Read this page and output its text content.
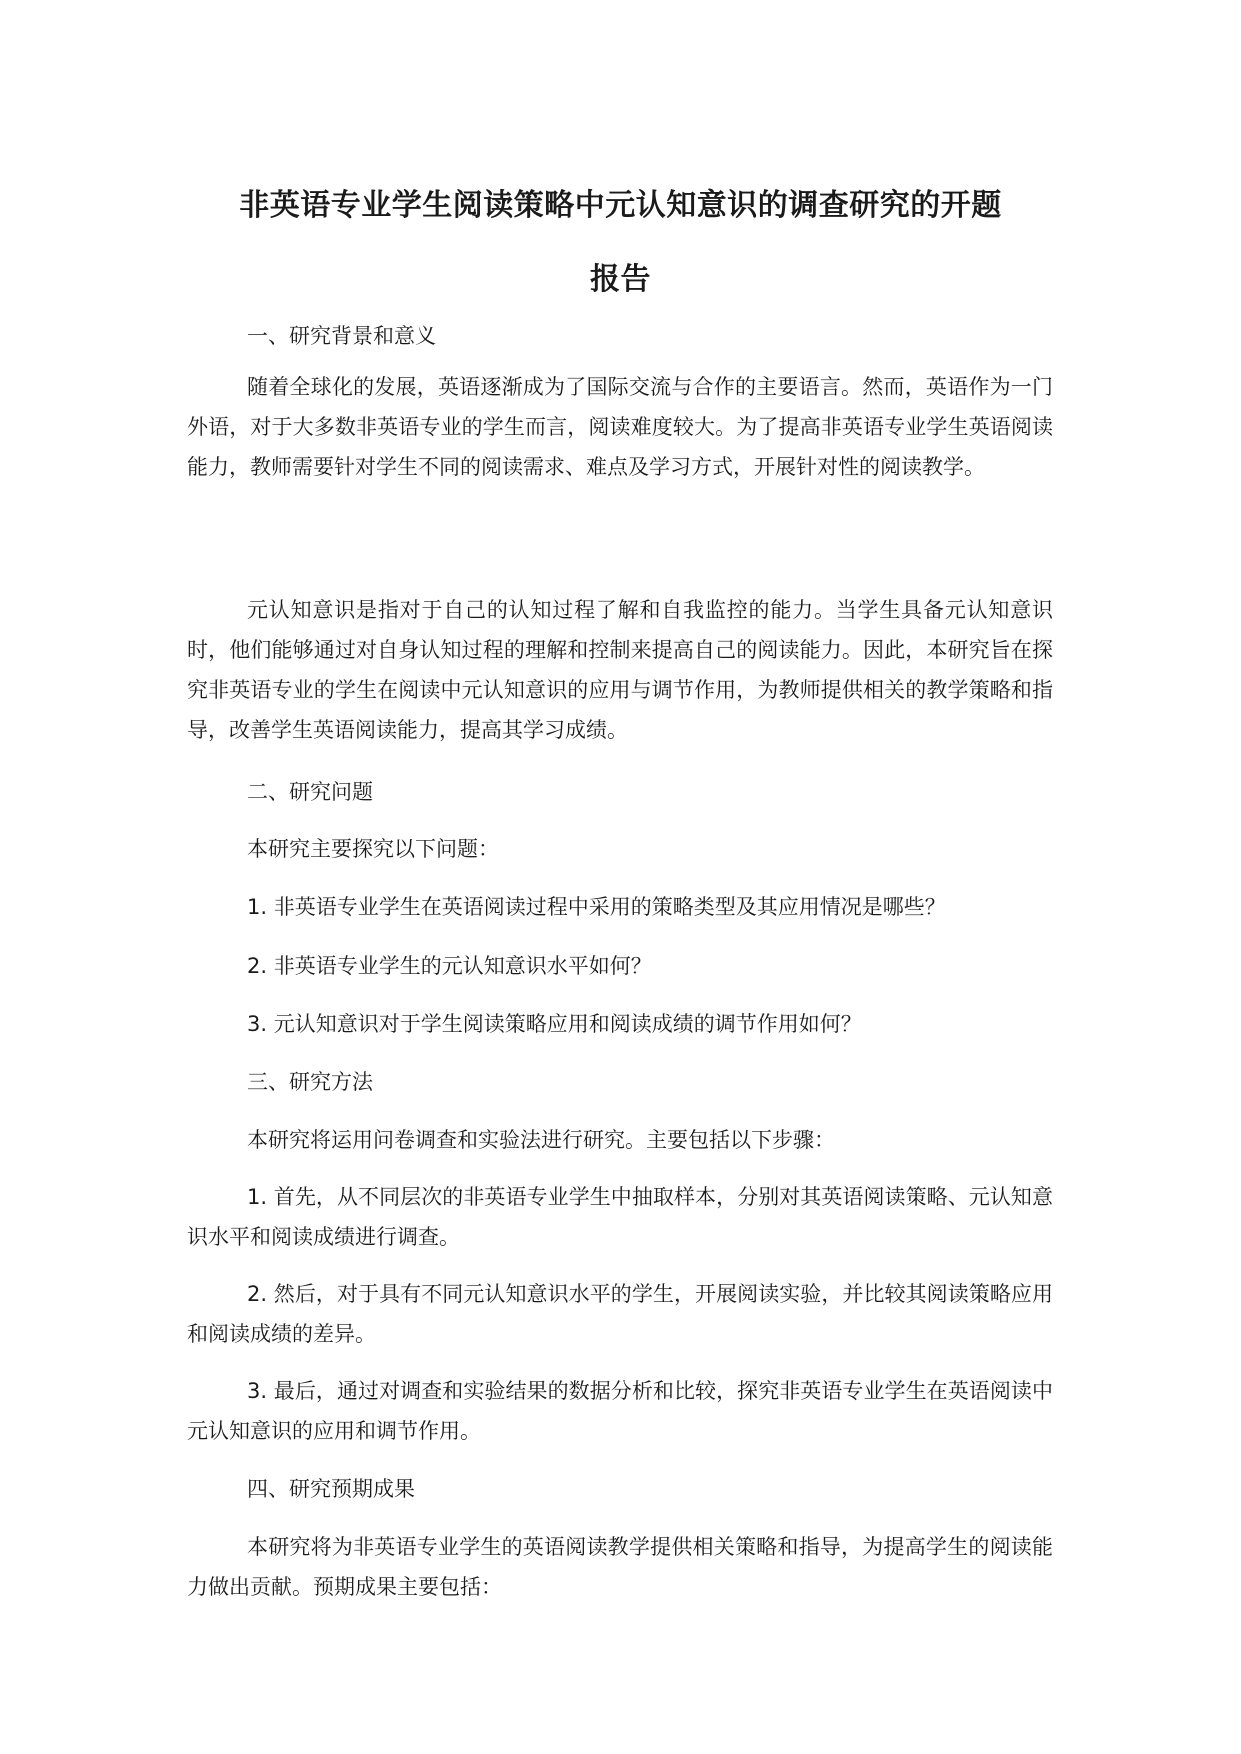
非英语专业学生阅读策略中元认知意识的调查研究的开题
报告
一、研究背景和意义
随着全球化的发展，英语逐渐成为了国际交流与合作的主要语言。然而，英语作为一门外语，对于大多数非英语专业的学生而言，阅读难度较大。为了提高非英语专业学生英语阅读能力，教师需要针对学生不同的阅读需求、难点及学习方式，开展针对性的阅读教学。
元认知意识是指对于自己的认知过程了解和自我监控的能力。当学生具备元认知意识时，他们能够通过对自身认知过程的理解和控制来提高自己的阅读能力。因此，本研究旨在探究非英语专业的学生在阅读中元认知意识的应用与调节作用，为教师提供相关的教学策略和指导，改善学生英语阅读能力，提高其学习成绩。
二、研究问题
本研究主要探究以下问题：
1. 非英语专业学生在英语阅读过程中采用的策略类型及其应用情况是哪些？
2. 非英语专业学生的元认知意识水平如何？
3. 元认知意识对于学生阅读策略应用和阅读成绩的调节作用如何？
三、研究方法
本研究将运用问卷调查和实验法进行研究。主要包括以下步骤：
1. 首先，从不同层次的非英语专业学生中抽取样本，分别对其英语阅读策略、元认知意识水平和阅读成绩进行调查。
2. 然后，对于具有不同元认知意识水平的学生，开展阅读实验，并比较其阅读策略应用和阅读成绩的差异。
3. 最后，通过对调查和实验结果的数据分析和比较，探究非英语专业学生在英语阅读中元认知意识的应用和调节作用。
四、研究预期成果
本研究将为非英语专业学生的英语阅读教学提供相关策略和指导，为提高学生的阅读能力做出贡献。预期成果主要包括：
